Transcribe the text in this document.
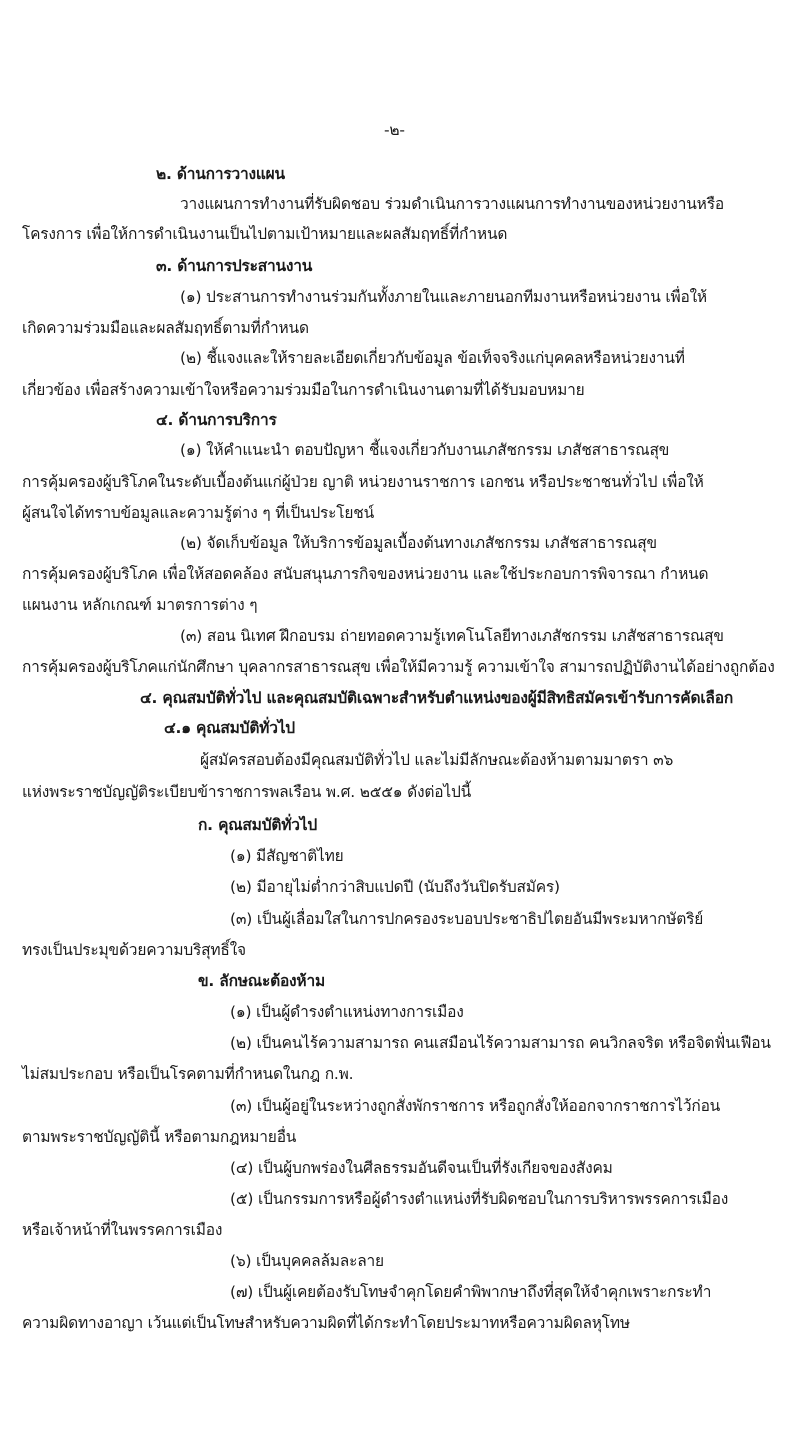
-๒-
๒. ด้านการวางแผน
วางแผนการทำงานที่รับผิดชอบ ร่วมดำเนินการวางแผนการทำงานของหน่วยงานหรือ
โครงการ เพื่อให้การดำเนินงานเป็นไปตามเป้าหมายและผลสัมฤทธิ์ที่กำหนด
๓. ด้านการประสานงาน
(๑) ประสานการทำงานร่วมกันทั้งภายในและภายนอกทีมงานหรือหน่วยงาน เพื่อให้
เกิดความร่วมมือและผลสัมฤทธิ์ตามที่กำหนด
(๒) ชี้แจงและให้รายละเอียดเกี่ยวกับข้อมูล ข้อเท็จจริงแก่บุคคลหรือหน่วยงานที่
เกี่ยวข้อง เพื่อสร้างความเข้าใจหรือความร่วมมือในการดำเนินงานตามที่ได้รับมอบหมาย
๔. ด้านการบริการ
(๑) ให้คำแนะนำ ตอบปัญหา ชี้แจงเกี่ยวกับงานเภสัชกรรม เภสัชสาธารณสุข
การคุ้มครองผู้บริโภคในระดับเบื้องต้นแก่ผู้ป่วย ญาติ หน่วยงานราชการ เอกชน หรือประชาชนทั่วไป เพื่อให้
ผู้สนใจได้ทราบข้อมูลและความรู้ต่าง ๆ ที่เป็นประโยชน์
(๒) จัดเก็บข้อมูล ให้บริการข้อมูลเบื้องต้นทางเภสัชกรรม เภสัชสาธารณสุข
การคุ้มครองผู้บริโภค เพื่อให้สอดคล้อง สนับสนุนภารกิจของหน่วยงาน และใช้ประกอบการพิจารณา กำหนด
แผนงาน หลักเกณฑ์ มาตรการต่าง ๆ
(๓) สอน นิเทศ ฝึกอบรม ถ่ายทอดความรู้เทคโนโลยีทางเภสัชกรรม เภสัชสาธารณสุข
การคุ้มครองผู้บริโภคแก่นักศึกษา บุคลากรสาธารณสุข เพื่อให้มีความรู้ ความเข้าใจ สามารถปฏิบัติงานได้อย่างถูกต้อง
๔. คุณสมบัติทั่วไป และคุณสมบัติเฉพาะสำหรับตำแหน่งของผู้มีสิทธิสมัครเข้ารับการคัดเลือก
๔.๑ คุณสมบัติทั่วไป
ผู้สมัครสอบต้องมีคุณสมบัติทั่วไป และไม่มีลักษณะต้องห้ามตามมาตรา ๓๖
แห่งพระราชบัญญัติระเบียบข้าราชการพลเรือน พ.ศ. ๒๕๕๑ ดังต่อไปนี้
ก. คุณสมบัติทั่วไป
(๑) มีสัญชาติไทย
(๒) มีอายุไม่ต่ำกว่าสิบแปดปี (นับถึงวันปิดรับสมัคร)
(๓) เป็นผู้เลื่อมใสในการปกครองระบอบประชาธิปไตยอันมีพระมหากษัตริย์
ทรงเป็นประมุขด้วยความบริสุทธิ์ใจ
ข. ลักษณะต้องห้าม
(๑) เป็นผู้ดำรงตำแหน่งทางการเมือง
(๒) เป็นคนไร้ความสามารถ คนเสมือนไร้ความสามารถ คนวิกลจริต หรือจิตฟั่นเฟือน
ไม่สมประกอบ หรือเป็นโรคตามที่กำหนดในกฎ ก.พ.
(๓) เป็นผู้อยู่ในระหว่างถูกสั่งพักราชการ หรือถูกสั่งให้ออกจากราชการไว้ก่อน
ตามพระราชบัญญัตินี้ หรือตามกฎหมายอื่น
(๔) เป็นผู้บกพร่องในศีลธรรมอันดีจนเป็นที่รังเกียจของสังคม
(๕) เป็นกรรมการหรือผู้ดำรงตำแหน่งที่รับผิดชอบในการบริหารพรรคการเมือง
หรือเจ้าหน้าที่ในพรรคการเมือง
(๖) เป็นบุคคลล้มละลาย
(๗) เป็นผู้เคยต้องรับโทษจำคุกโดยคำพิพากษาถึงที่สุดให้จำคุกเพราะกระทำ
ความผิดทางอาญา เว้นแต่เป็นโทษสำหรับความผิดที่ได้กระทำโดยประมาทหรือความผิดลหุโทษ
